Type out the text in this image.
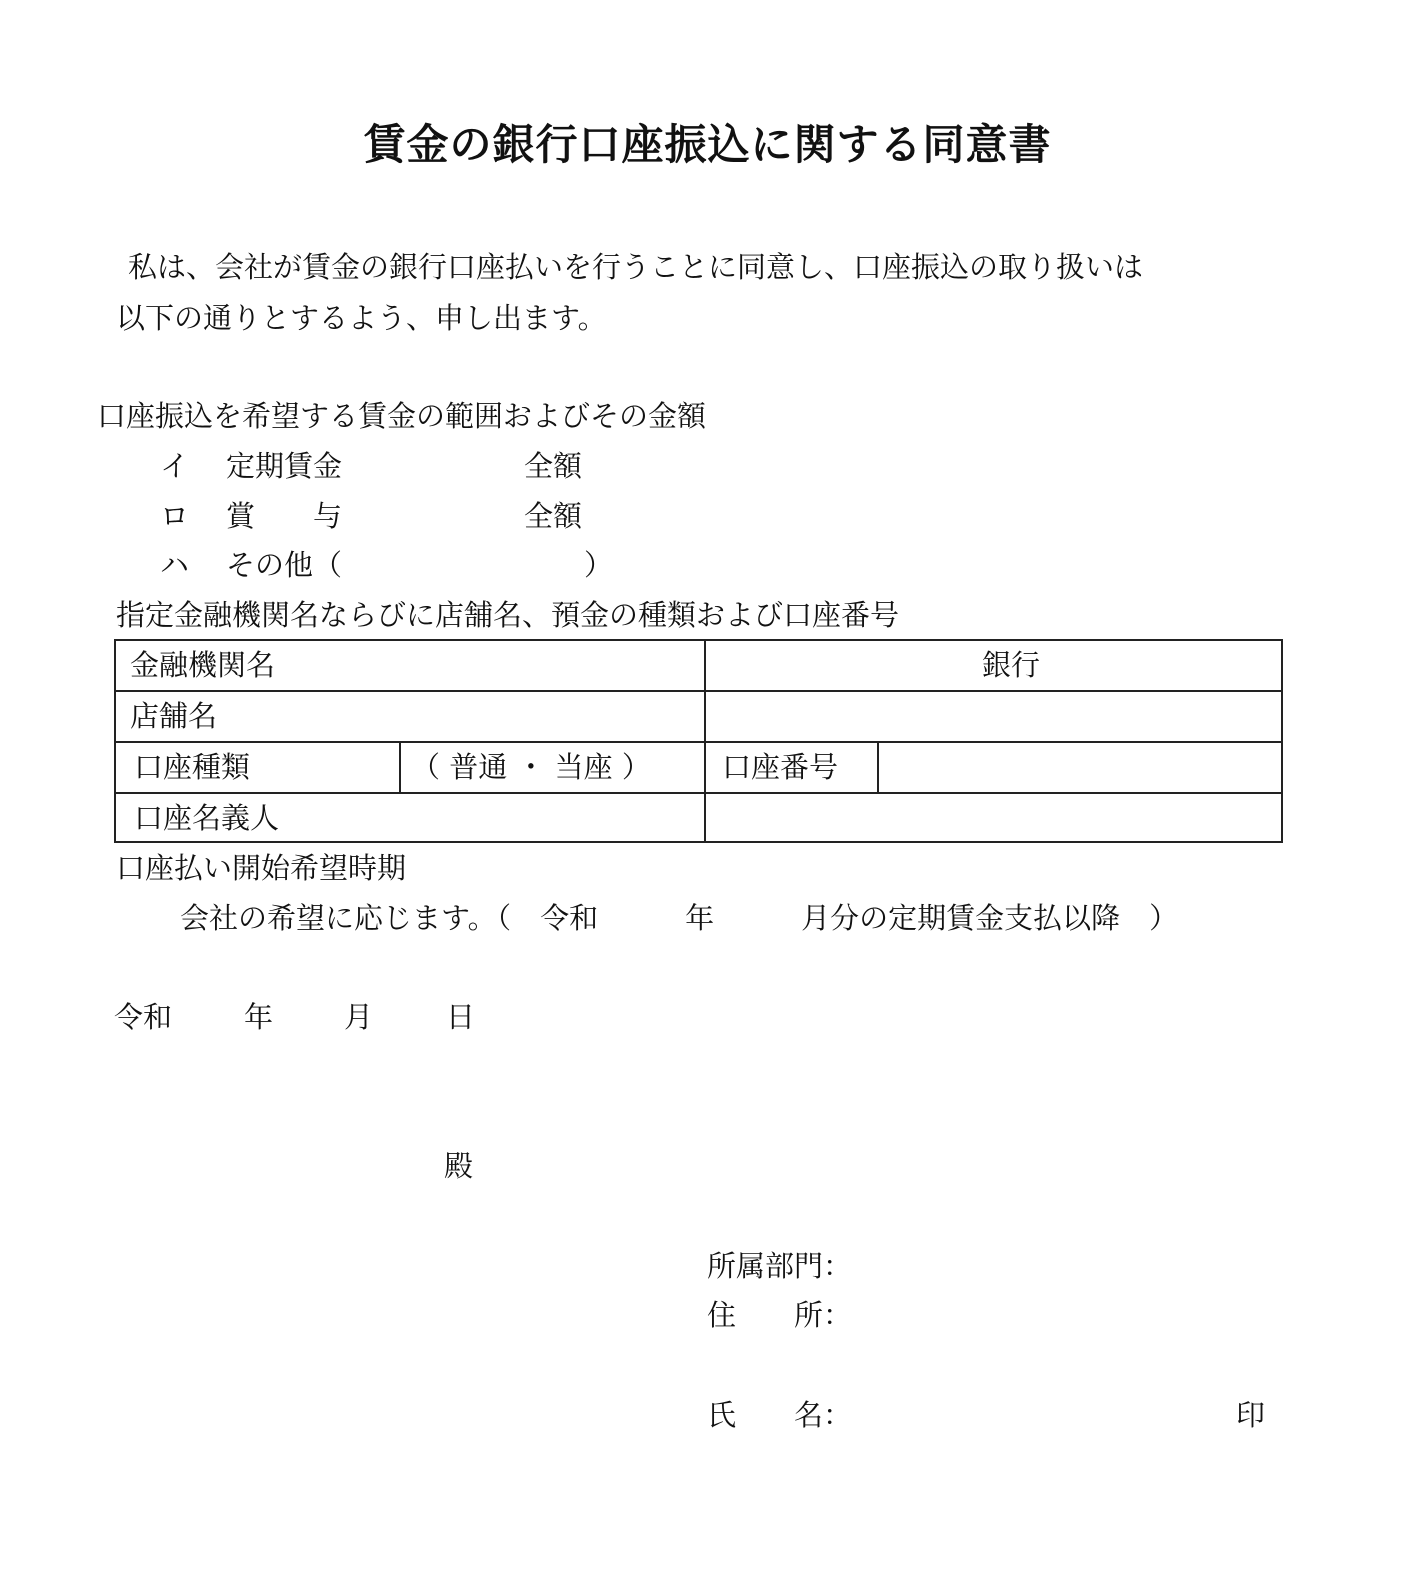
賃金の銀行口座振込に関する同意書
私は、会社が賃金の銀行口座払いを行うことに同意し、口座振込の取り扱いは
以下の通りとするよう、申し出ます。
口座振込を希望する賃金の範囲およびその金額
イ 定期賃金	全額
ロ 賞　　与	全額
ハ その他（	）
指定金融機関名ならびに店舗名、預金の種類および口座番号
金融機関名	銀行
店舗名
口座種類	（ 普通 ・ 当座 ） 口座番号
口座名義人
口座払い開始希望時期
会社の希望に応じます。（　令和　　　年　　　月分の定期賃金支払以降　）
令和 年 月	日
殿
所属部門：
住　　所：
氏　　名：	印
